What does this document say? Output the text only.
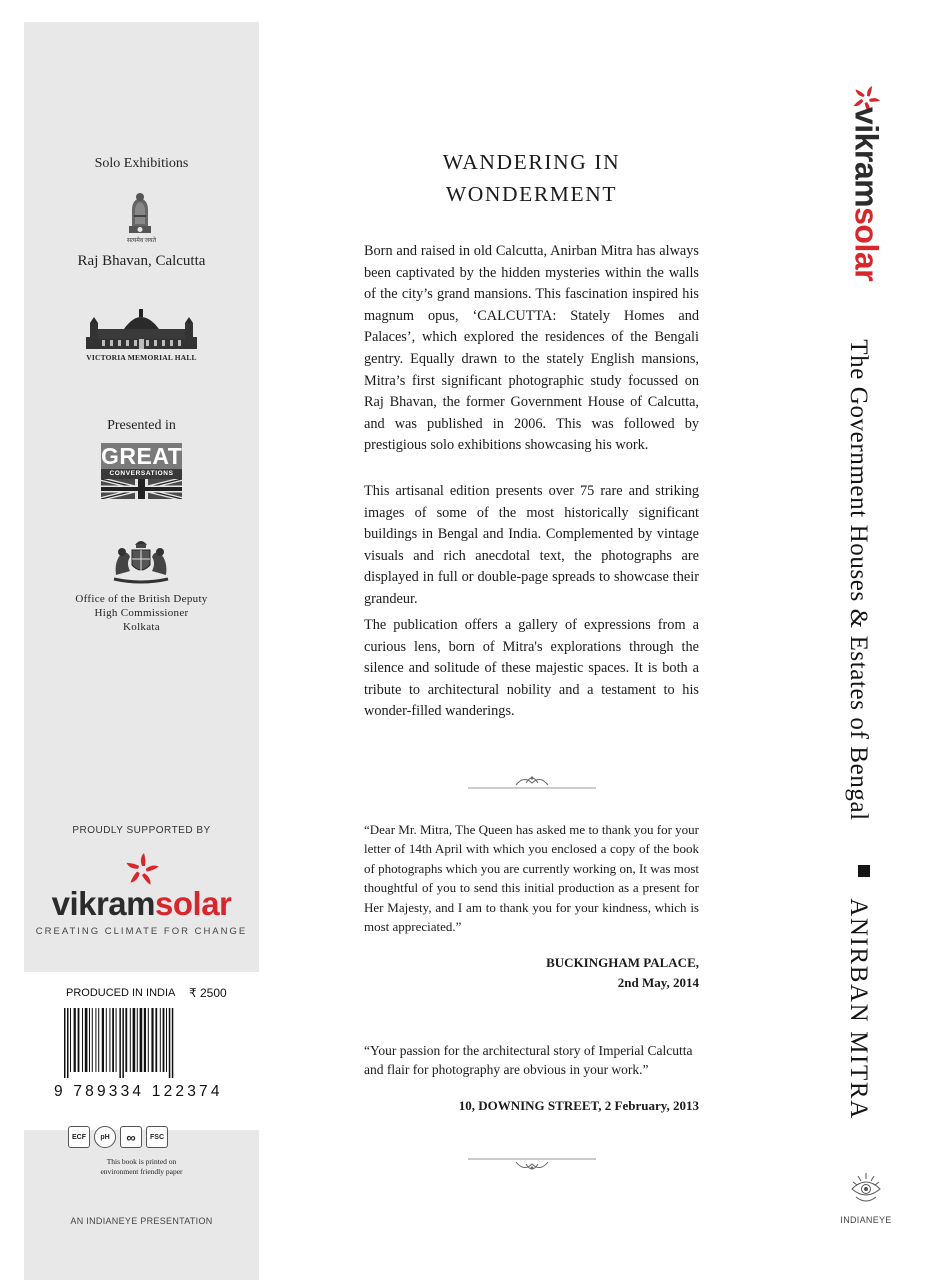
Solo Exhibitions
सत्यमेव जयते
Raj Bhavan, Calcutta
VICTORIA MEMORIAL HALL
Presented in
GREAT
CONVERSATIONS
Office of the British Deputy
High Commissioner
Kolkata
PROUDLY SUPPORTED BY
vikramsolar
CREATING CLIMATE FOR CHANGE
AN INDIANEYE PRESENTATION
PRODUCED IN INDIA ₹ 2500
9 789334 122374
ECF	pH	∞	FSC
This book is printed on
environment friendly paper
WANDERING IN
WONDERMENT

Born and raised in old Calcutta, Anirban Mitra has always been captivated by the hidden mysteries within the walls of the city’s grand mansions. This fascination inspired his magnum opus, ‘CALCUTTA: Stately Homes and Palaces’, which explored the residences of the Bengali gentry. Equally drawn to the stately English mansions, Mitra’s first significant photographic study focussed on Raj Bhavan, the former Government House of Calcutta, and was published in 2006. This was followed by prestigious solo exhibitions showcasing his work.

This artisanal edition presents over 75 rare and striking images of some of the most historically significant buildings in Bengal and India. Complemented by vintage visuals and rich anecdotal text, the photographs are displayed in full or double-page spreads to showcase their grandeur.

The publication offers a gallery of expressions from a curious lens, born of Mitra's explorations through the silence and solitude of these majestic spaces. It is both a tribute to architectural nobility and a testament to his wonder-filled wanderings.

“Dear Mr. Mitra, The Queen has asked me to thank you for your letter of 14th April with which you enclosed a copy of the book of photographs which you are currently working on, It was most thoughtful of you to send this initial production as a present for Her Majesty, and I am to thank you for your kindness, which is most appreciated.”

BUCKINGHAM PALACE,
2nd May, 2014

“Your passion for the architectural story of Imperial Calcutta and flair for photography are obvious in your work.”

10, DOWNING STREET, 2 February, 2013
vikramsolar
The Government Houses & Estates of Bengal
ANIRBAN MITRA
INDIANEYE
